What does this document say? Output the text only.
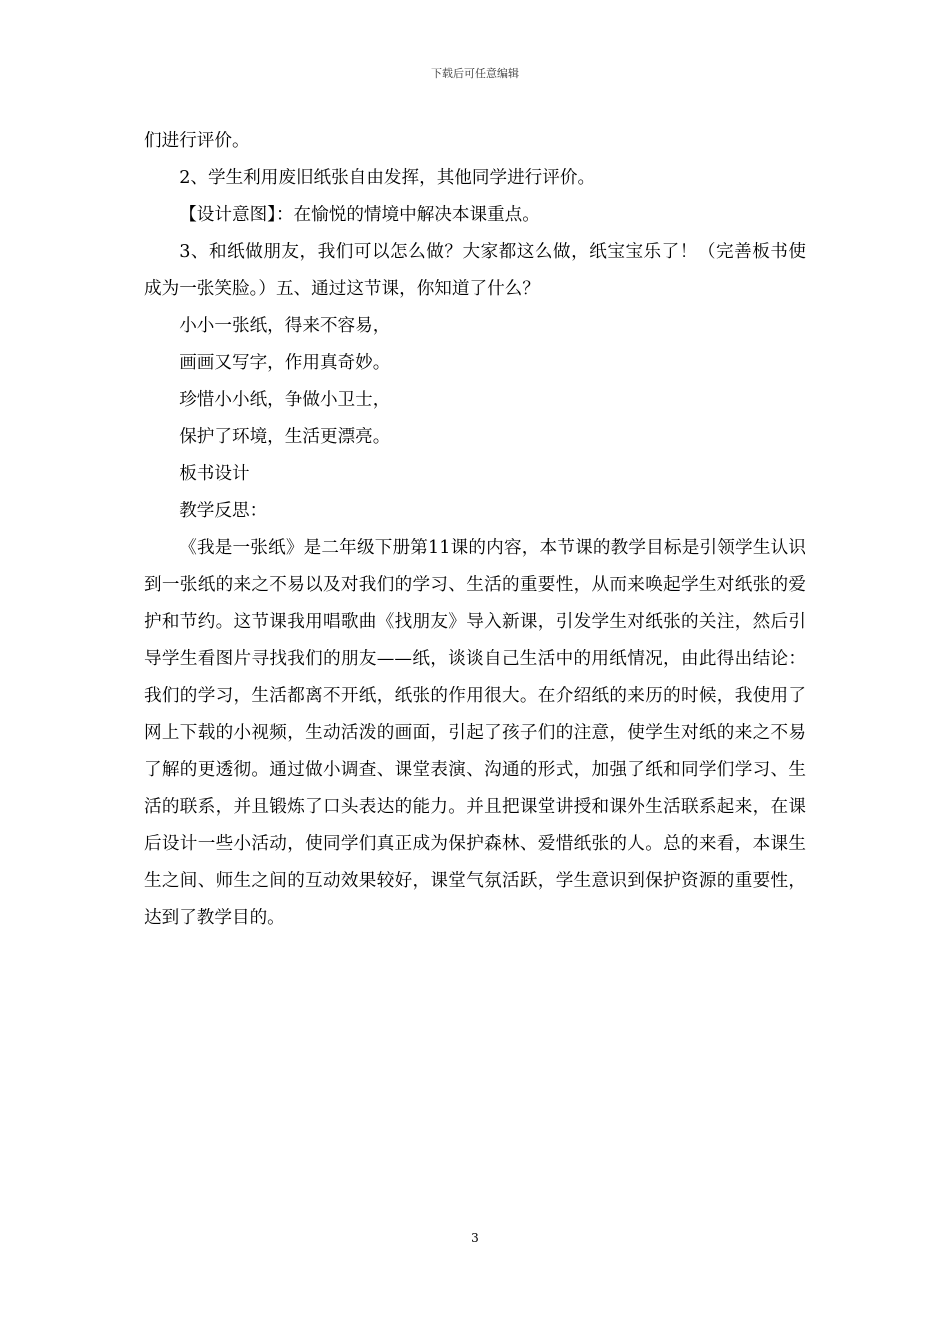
下载后可任意编辑

们进行评价。

2、学生利用废旧纸张自由发挥，其他同学进行评价。

【设计意图】：在愉悦的情境中解决本课重点。

3、和纸做朋友，我们可以怎么做？大家都这么做，纸宝宝乐了！（完善板书使成为一张笑脸。）五、通过这节课，你知道了什么？

小小一张纸，得来不容易，

画画又写字，作用真奇妙。

珍惜小小纸，争做小卫士，

保护了环境，生活更漂亮。

板书设计

教学反思：

《我是一张纸》是二年级下册第11课的内容，本节课的教学目标是引领学生认识到一张纸的来之不易以及对我们的学习、生活的重要性，从而来唤起学生对纸张的爱护和节约。这节课我用唱歌曲《找朋友》导入新课，引发学生对纸张的关注，然后引导学生看图片寻找我们的朋友——纸，谈谈自己生活中的用纸情况，由此得出结论：我们的学习，生活都离不开纸，纸张的作用很大。在介绍纸的来历的时候，我使用了网上下载的小视频，生动活泼的画面，引起了孩子们的注意，使学生对纸的来之不易了解的更透彻。通过做小调查、课堂表演、沟通的形式，加强了纸和同学们学习、生活的联系，并且锻炼了口头表达的能力。并且把课堂讲授和课外生活联系起来，在课后设计一些小活动，使同学们真正成为保护森林、爱惜纸张的人。总的来看，本课生生之间、师生之间的互动效果较好，课堂气氛活跃，学生意识到保护资源的重要性，达到了教学目的。

3
